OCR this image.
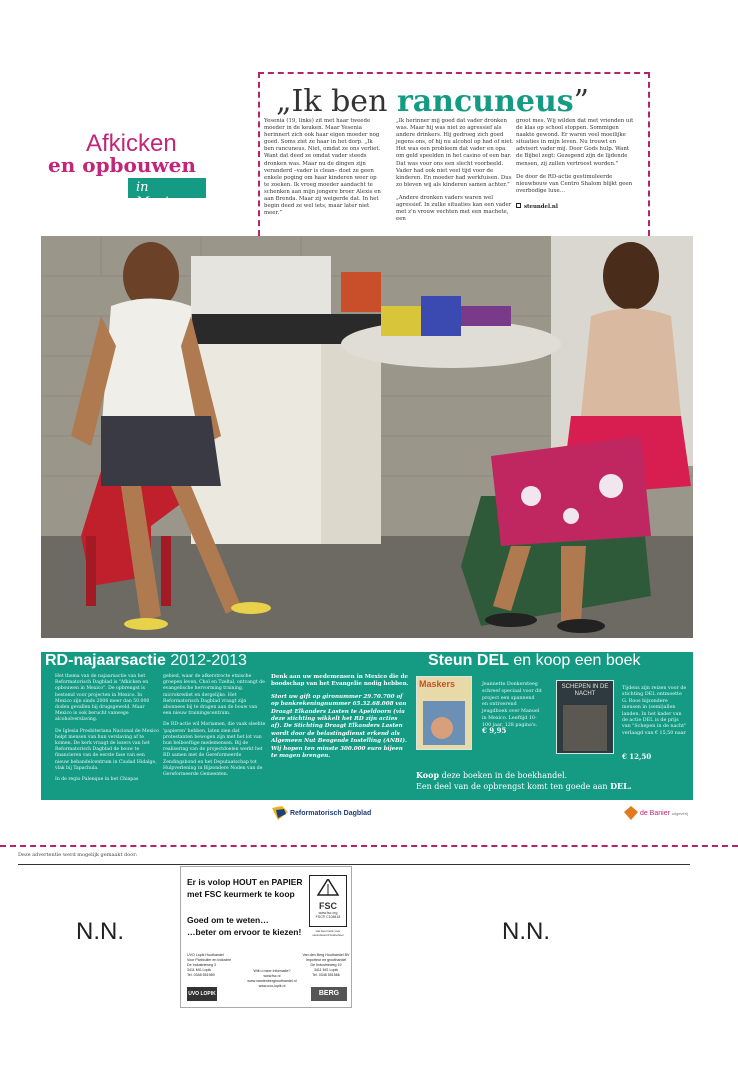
„Ik ben rancuneus”

Yesenia (19, links) zit met haar tweede moeder in de keuken. Maar Yesenia herinnert zich ook haar eigen moeder nog goed. Soms ziet ze haar in het dorp. „Ik ben rancuneus. Niet, omdat ze ons verliet. Want dat deed ze omdat vader steeds dronken was. Maar nu de dingen zijn veranderd –vader is clean– doet ze geen enkele poging om haar kinderen weer op te zoeken. Ik vroeg moeder aandacht te schenken aan mijn jongere broer Alexis en aan Brenda. Maar zij weigerde dat. In het begin deed ze wel iets, maar later niet meer.”

„Ik herinner mij goed dat vader dronken was. Maar hij was niet zo agressief als andere drinkers. Hij gedroeg zich goed jegens ons, of hij nu alcohol op had of niet. Het was een probleem dat vader en opa om geld speelden in het casino of een bar. Dat was voor ons een slecht voorbeeld. Vader had ook niet veel tijd voor de kinderen. En moeder had werkfuisen. Dus zo bleven wij als kinderen samen achter.”

„Andere dronken vaders waren wel agressief. In zulke situaties kan een vader met z'n vrouw vechten met een machete, een

groot mes. Wij wilden dat met vrienden uit de klas op school stoppen. Sommigen naakte gewond. Er waren veel moeilijke situaties in mijn leven. Nu trouwt en advisert vader mij. Door Gods hulp. Want de Bijbel zegt: Gezegend zijn de lijdende mensen, zij zullen vertroost worden.”

De door de RD-actie gestimuleerde nieuwbouw van Centro Shalom blijkt geen overbodige luxe…

steundel.nl

Afkicken
en opbouwen
in Mexico
RD-najaarsactie 2012-2013

Het thema van de najaarsactie van het Reformatorisch Dagblad is "Afkicken en opbouwen in Mexico". De opbrengst is bestemd voor projecten in Mexico. In Mexico zijn sinds 2006 meer dan 50.000 doden gevallen bij drugsgeweld. Maar Mexico is ook berucht vanwege alcoholverslaving.

De Iglesia Presbiteriana Nacional de Mexico helpt mensen van hun verslaving af te komen. De kerk vraagt de lezers van het Reformatorisch Dagblad de bouw te financieren van de eerste fase van een nieuw behandelcentrum in Ciudad Hidalgo, vlak bij Tapachula.

In de regio Palenque in het Chiapas

gebied, waar de afkerstrocte etnische groepen leven, Chol en Tzeltal, ontvangt de evangelische hervorming training, microkrediet en dergelijke. Het Reformatorisch Dagblad vraagt zijn abonnees bij te dragen aan de bouw van een nieuw trainingscentrum.

De RD-actie wil Moriamen, die vaak sleehte 'papieren' hebben, laten zien dat protestanten bewogen zijn met het lot van hun belboeftige medemensen. Bij de realisering van de projectdoelen werkt het RD samen met de Gereformeerde Zendingsbond en het Deputaatschap tot Hulpverlening in Bijzondere Noden van de Gereformeerde Gemeenten.

Denk aan uw medemensen in Mexico die de boodschap van het Evangelie nodig hebben.

Stort uw gift op gironummer 29.70.700 of op bankrekeningnummer 65.32.68.008 van Draagt Elkanders Lasten te Apeldoorn (via deze stichting wikkelt het RD zijn acties af). De Stichting Draagt Elkanders Lasten wordt door de belastingdienst erkend als Algemeen Nut Beogende Instelling (ANBI). Wij hopen ten minste 300.000 euro bijeen te mogen brengen.

Steun DEL en koop een boek
Maskers	Jeannette Donkersteeg schreef speciaal voor dit project een spannend en ontroerend jeugdboek over Manuel in Mexico. Leeftijd 10-100 jaar, 128 pagina's.

€ 9,95
SCHEPEN IN DE NACHT

Tijdens zijn reizen voor de stichting DEL ontmoette G. Roos bijzondere mensen in (semi)allen landen. In het kader van de actie DEL is de prijs van "Schepen in de nacht" verlaagd van € 15,50 naar

€ 12,50
Koop deze boeken in de boekhandel.
Een deel van de opbrengst komt ten goede aan DEL.
Reformatorisch Dagblad	de Banier uitgeverij
Deze advertentie werd mogelijk gemaakt door:
N.N.	N.N.
Er is volop HOUT en PAPIER
met FSC keurmerk te koop
Goed om te weten…
…beter om ervoor te kiezen!
FSC
www.fsc.org
FSC® C108418
Het keurmerk voor verantwoord bosbeheer
UVO Lopik Houthandel
Voor Particulier en Industrie
De Industrieweg 3
3411 MG Lopik
Tel. 0348 551989
Wilt u meer informatie?
www.fsc.nl
www.vandenberghouthandel.nl
www.uvo-lopik.nl
Van den Berg Houthandel BV
Importeur en groothandel
De Industrieweg 19
3411 MG Lopik
Tel. 0348 551566
UVO LOPIK	BERG
